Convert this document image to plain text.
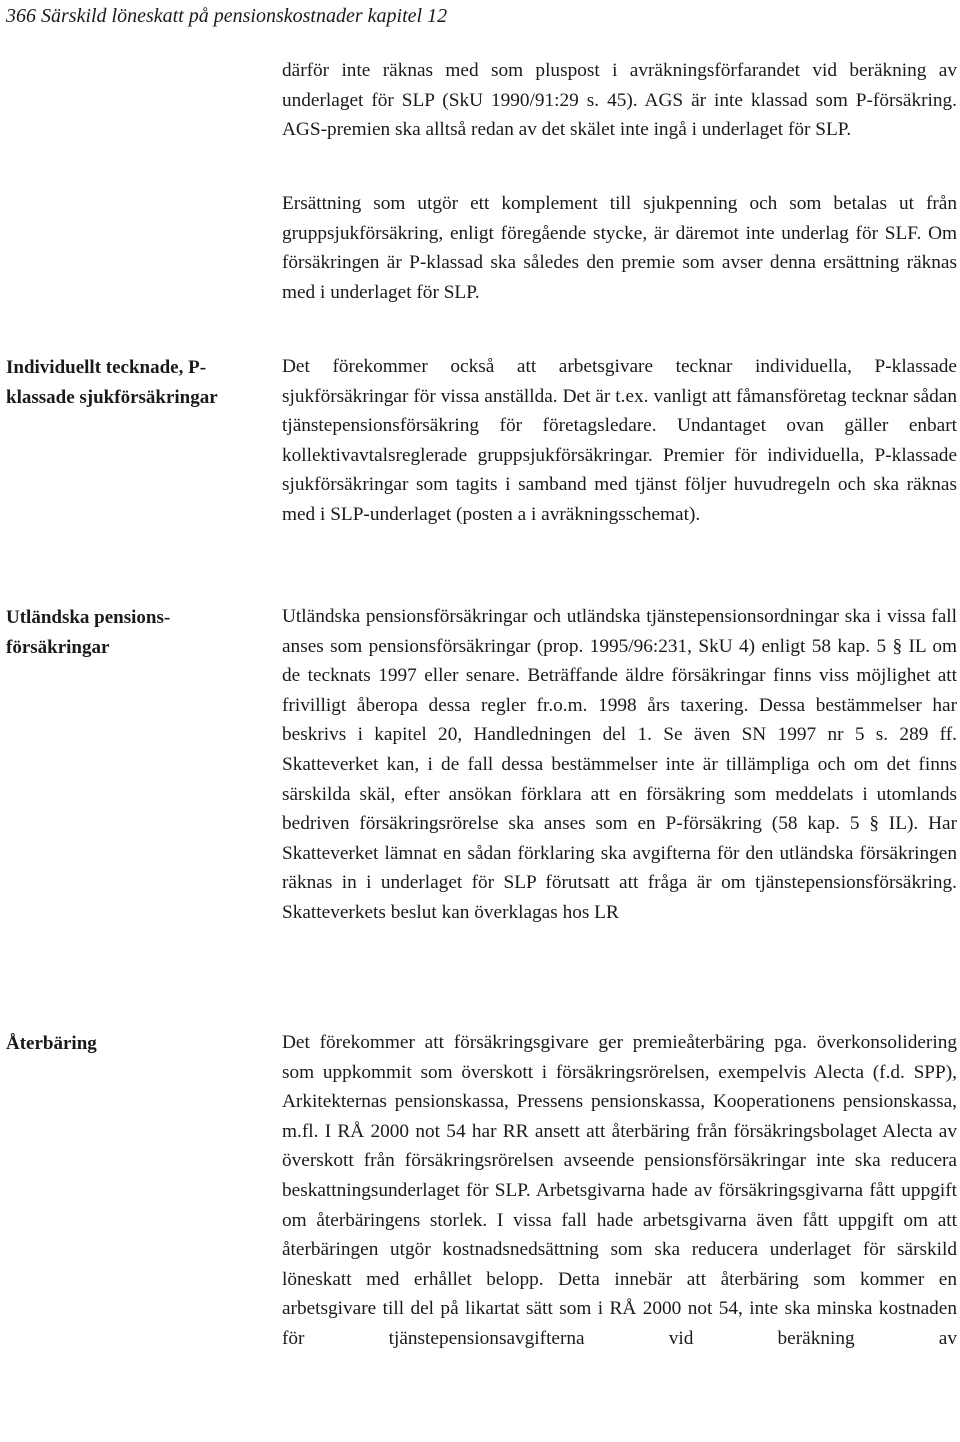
366 Särskild löneskatt på pensionskostnader kapitel 12
Individuellt tecknade, P-klassade sjukförsäkringar
Utländska pensions-försäkringar
Återbäring
därför inte räknas med som pluspost i avräkningsförfarandet vid beräkning av underlaget för SLP (SkU 1990/91:29 s. 45). AGS är inte klassad som P-försäkring. AGS-premien ska alltså redan av det skälet inte ingå i underlaget för SLP.
Ersättning som utgör ett komplement till sjukpenning och som betalas ut från gruppsjukförsäkring, enligt föregående stycke, är däremot inte underlag för SLF. Om försäkringen är P-klassad ska således den premie som avser denna ersättning räknas med i underlaget för SLP.
Det förekommer också att arbetsgivare tecknar individuella, P-klassade sjukförsäkringar för vissa anställda. Det är t.ex. vanligt att fåmansföretag tecknar sådan tjänstepensionsförsäkring för företagsledare. Undantaget ovan gäller enbart kollektivavtalsreglerade gruppsjukförsäkringar. Premier för individuella, P-klassade sjukförsäkringar som tagits i samband med tjänst följer huvudregeln och ska räknas med i SLP-underlaget (posten a i avräkningsschemat).
Utländska pensionsförsäkringar och utländska tjänstepensionsordningar ska i vissa fall anses som pensionsförsäkringar (prop. 1995/96:231, SkU 4) enligt 58 kap. 5 § IL om de tecknats 1997 eller senare. Beträffande äldre försäkringar finns viss möjlighet att frivilligt åberopa dessa regler fr.o.m. 1998 års taxering. Dessa bestämmelser har beskrivs i kapitel 20, Handledningen del 1. Se även SN 1997 nr 5 s. 289 ff. Skatteverket kan, i de fall dessa bestämmelser inte är tillämpliga och om det finns särskilda skäl, efter ansökan förklara att en försäkring som meddelats i utomlands bedriven försäkringsrörelse ska anses som en P-försäkring (58 kap. 5 § IL). Har Skatteverket lämnat en sådan förklaring ska avgifterna för den utländska försäkringen räknas in i underlaget för SLP förutsatt att fråga är om tjänstepensionsförsäkring. Skatteverkets beslut kan överklagas hos LR
Det förekommer att försäkringsgivare ger premieåterbäring pga. överkonsolidering som uppkommit som överskott i försäkringsrörelsen, exempelvis Alecta (f.d. SPP), Arkitekternas pensionskassa, Pressens pensionskassa, Kooperationens pensionskassa, m.fl. I RÅ 2000 not 54 har RR ansett att återbäring från försäkringsbolaget Alecta av överskott från försäkringsrörelsen avseende pensionsförsäkringar inte ska reducera beskattningsunderlaget för SLP. Arbetsgivarna hade av försäkringsgivarna fått uppgift om återbäringens storlek. I vissa fall hade arbetsgivarna även fått uppgift om att återbäringen utgör kostnadsnedsättning som ska reducera underlaget för särskild löneskatt med erhållet belopp. Detta innebär att återbäring som kommer en arbetsgivare till del på likartat sätt som i RÅ 2000 not 54, inte ska minska kostnaden för tjänstepensionsavgifterna vid beräkning av
